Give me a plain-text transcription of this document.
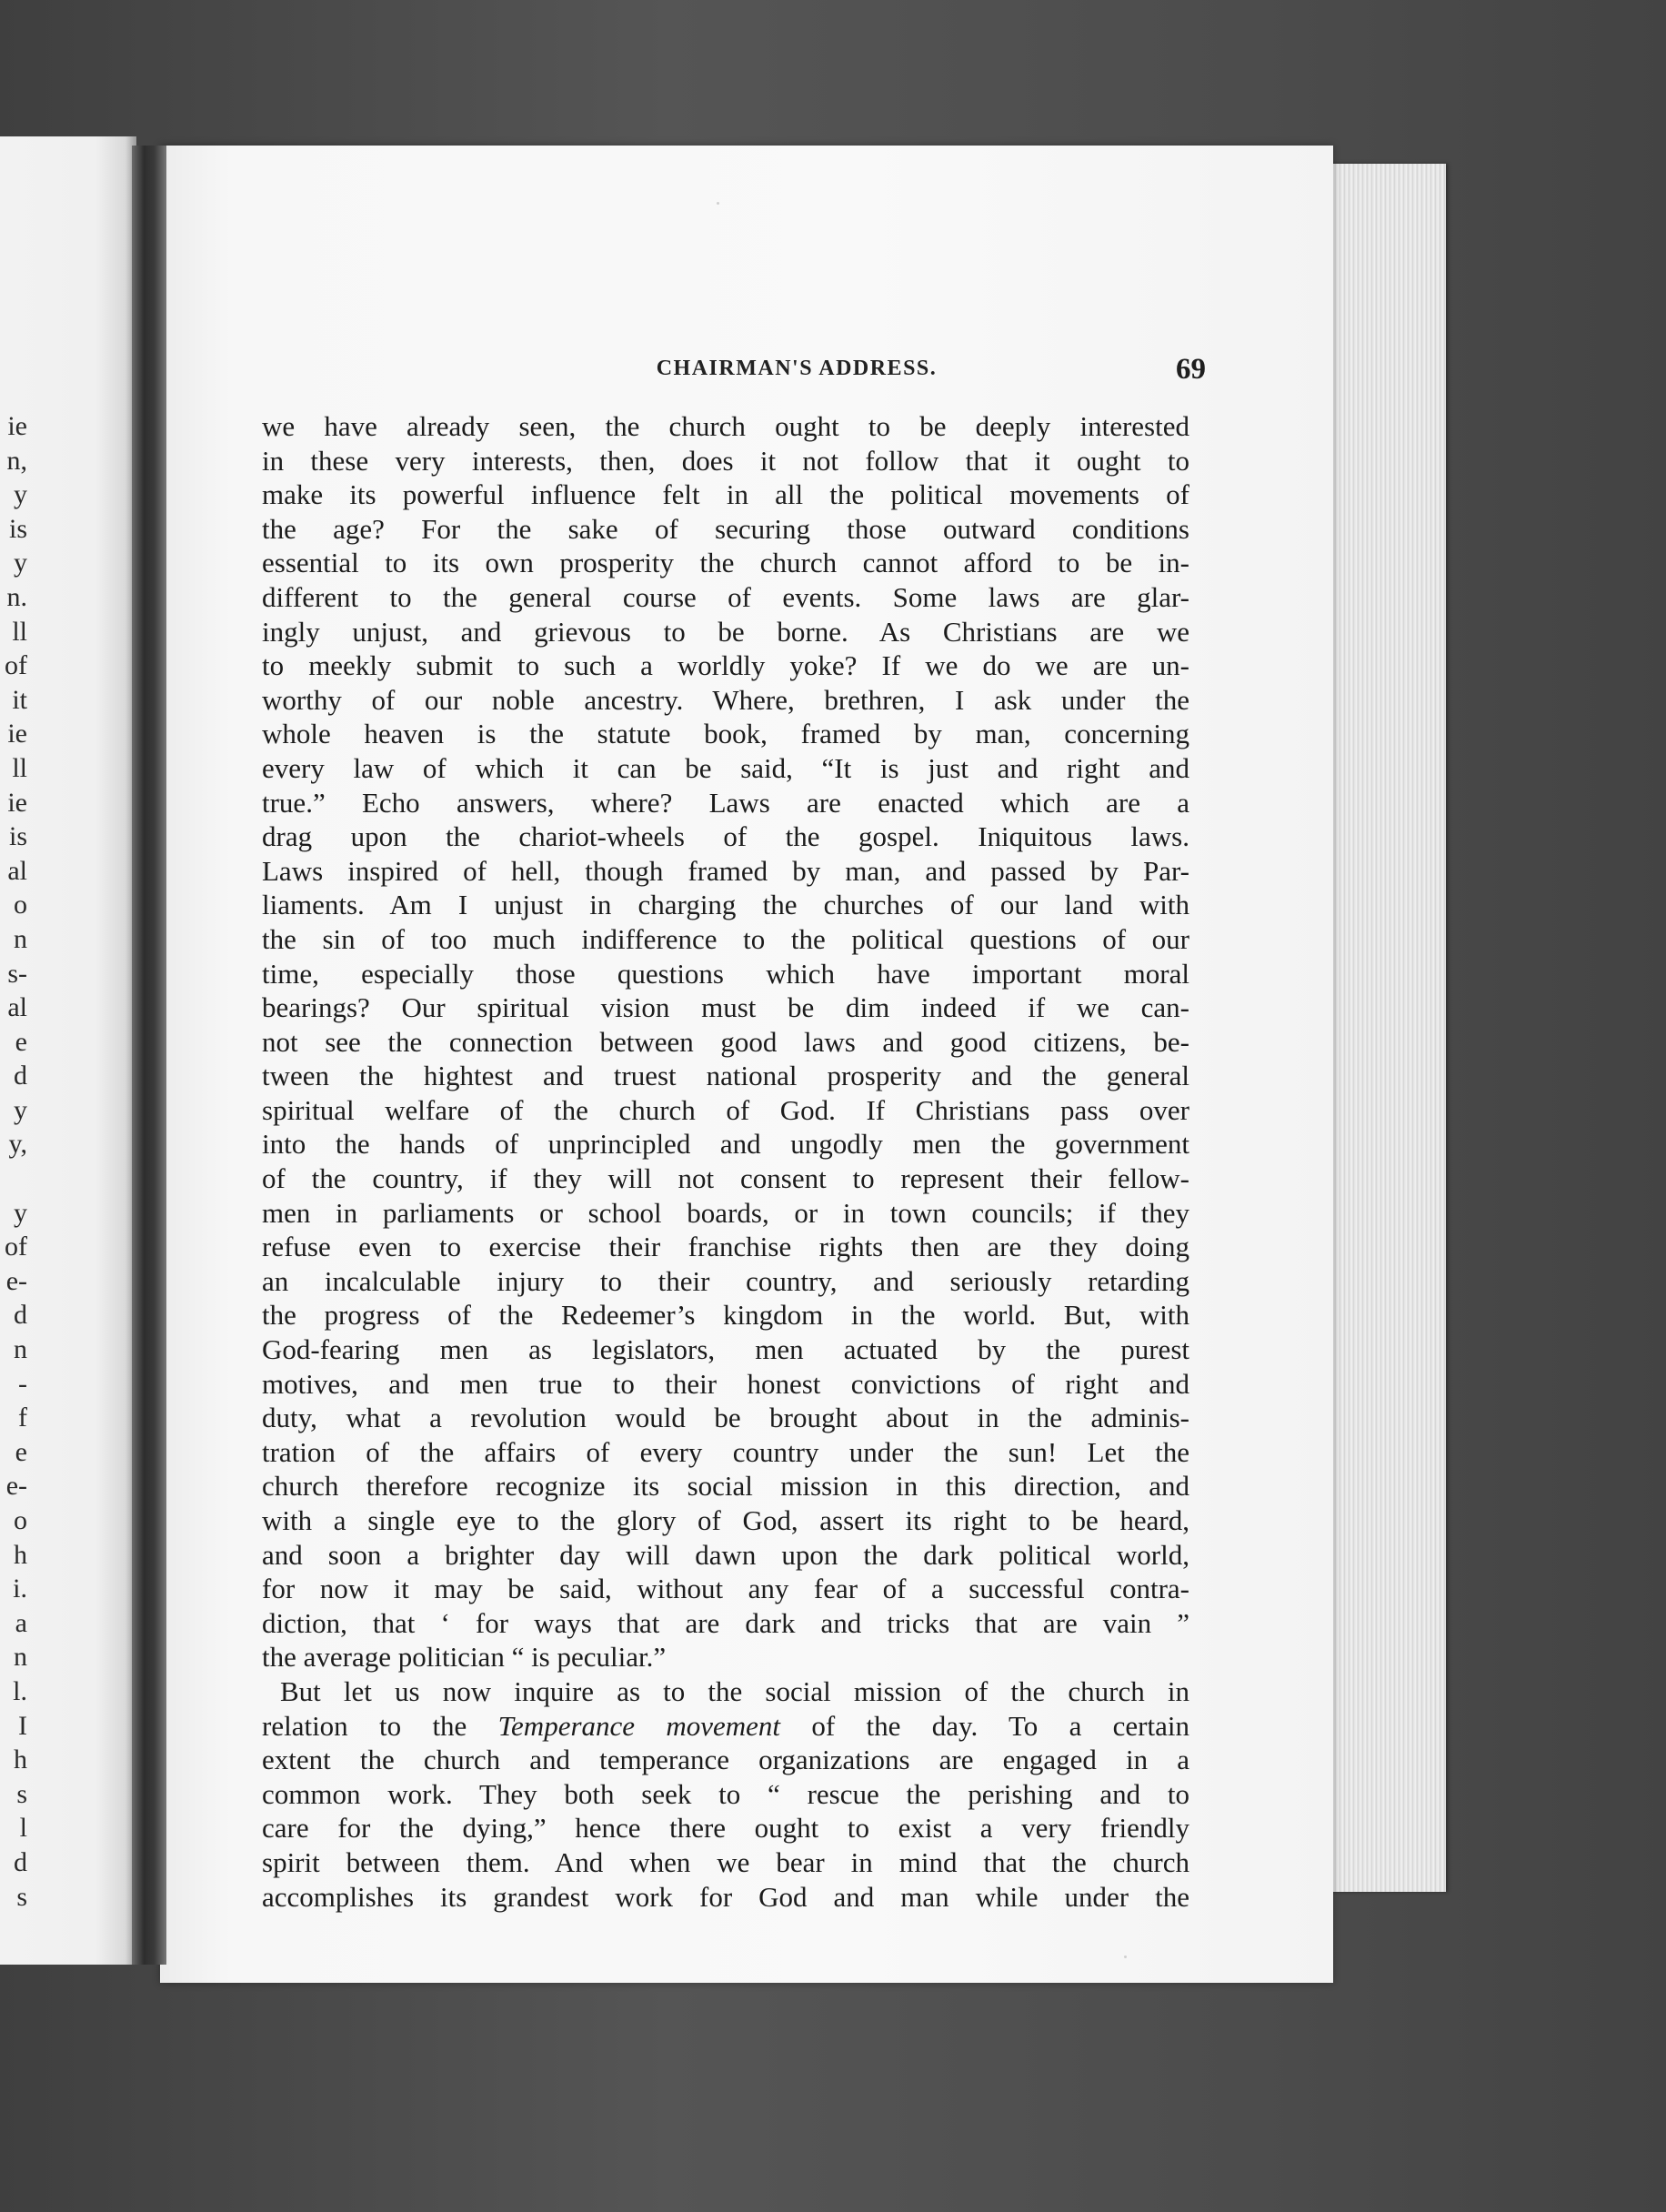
ie
n,
y
is
y
n.
ll
of
it
ie
ll
ie
is
al
o
n
s-
al
e
d
y
y,
y
of
e-
d
n
-
f
e
e-
o
h
i.
a
n
l.
I
h
s
l
d
s
CHAIRMAN'S ADDRESS.	69
we have already seen, the church ought to be deeply interested
in these very interests, then, does it not follow that it ought to
make its powerful influence felt in all the political movements of
the age? For the sake of securing those outward conditions
essential to its own prosperity the church cannot afford to be in-
different to the general course of events. Some laws are glar-
ingly unjust, and grievous to be borne. As Christians are we
to meekly submit to such a worldly yoke? If we do we are un-
worthy of our noble ancestry. Where, brethren, I ask under the
whole heaven is the statute book, framed by man, concerning
every law of which it can be said, “It is just and right and
true.” Echo answers, where? Laws are enacted which are a
drag upon the chariot-wheels of the gospel. Iniquitous laws.
Laws inspired of hell, though framed by man, and passed by Par-
liaments. Am I unjust in charging the churches of our land with
the sin of too much indifference to the political questions of our
time, especially those questions which have important moral
bearings? Our spiritual vision must be dim indeed if we can-
not see the connection between good laws and good citizens, be-
tween the hightest and truest national prosperity and the general
spiritual welfare of the church of God. If Christians pass over
into the hands of unprincipled and ungodly men the government
of the country, if they will not consent to represent their fellow-
men in parliaments or school boards, or in town councils; if they
refuse even to exercise their franchise rights then are they doing
an incalculable injury to their country, and seriously retarding
the progress of the Redeemer’s kingdom in the world. But, with
God-fearing men as legislators, men actuated by the purest
motives, and men true to their honest convictions of right and
duty, what a revolution would be brought about in the adminis-
tration of the affairs of every country under the sun! Let the
church therefore recognize its social mission in this direction, and
with a single eye to the glory of God, assert its right to be heard,
and soon a brighter day will dawn upon the dark political world,
for now it may be said, without any fear of a successful contra-
diction, that ‘ for ways that are dark and tricks that are vain ”
the average politician “ is peculiar.”
But let us now inquire as to the social mission of the church in
relation to the Temperance movement of the day. To a certain
extent the church and temperance organizations are engaged in a
common work. They both seek to “ rescue the perishing and to
care for the dying,” hence there ought to exist a very friendly
spirit between them. And when we bear in mind that the church
accomplishes its grandest work for God and man while under the
